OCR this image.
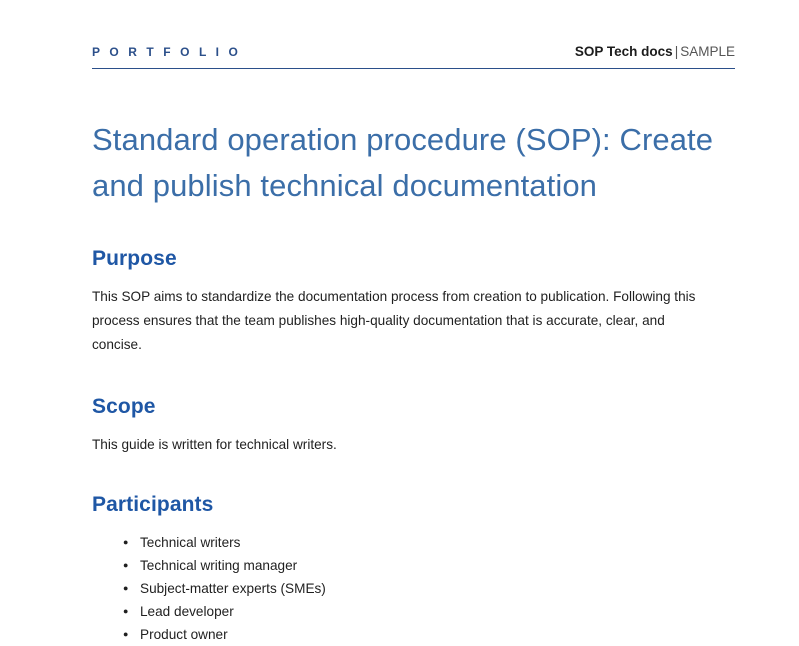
P O R T F O L I O	SOP Tech docs | SAMPLE
Standard operation procedure (SOP): Create and publish technical documentation
Purpose

This SOP aims to standardize the documentation process from creation to publication. Following this process ensures that the team publishes high-quality documentation that is accurate, clear, and concise.

Scope

This guide is written for technical writers.

Participants
● Technical writers
● Technical writing manager
● Subject-matter experts (SMEs)
● Lead developer
● Product owner
